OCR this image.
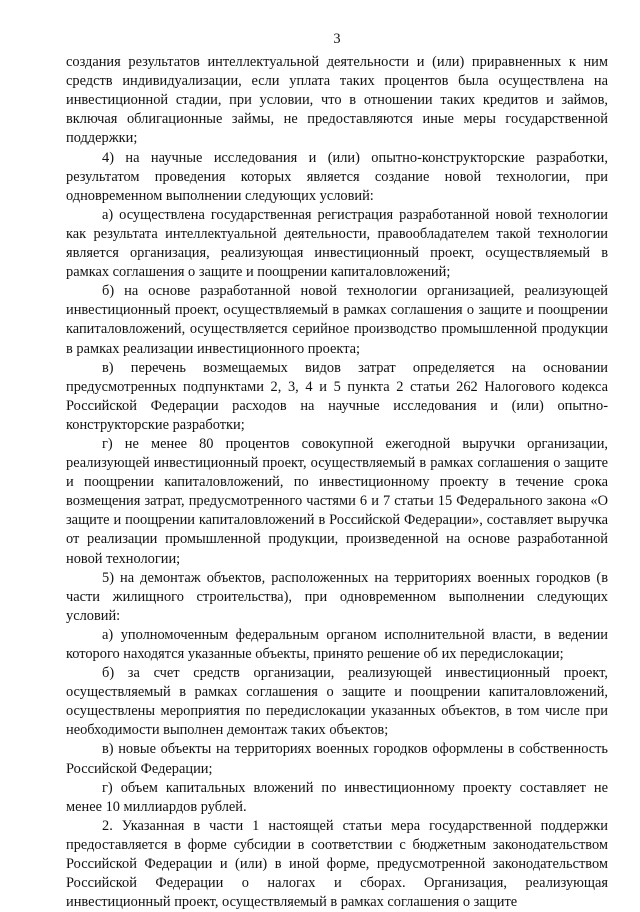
3

создания результатов интеллектуальной деятельности и (или) приравненных к ним средств индивидуализации, если уплата таких процентов была осуществлена на инвестиционной стадии, при условии, что в отношении таких кредитов и займов, включая облигационные займы, не предоставляются иные меры государственной поддержки;

4) на научные исследования и (или) опытно-конструкторские разработки, результатом проведения которых является создание новой технологии, при одновременном выполнении следующих условий:

а) осуществлена государственная регистрация разработанной новой технологии как результата интеллектуальной деятельности, правообладателем такой технологии является организация, реализующая инвестиционный проект, осуществляемый в рамках соглашения о защите и поощрении капиталовложений;

б) на основе разработанной новой технологии организацией, реализующей инвестиционный проект, осуществляемый в рамках соглашения о защите и поощрении капиталовложений, осуществляется серийное производство промышленной продукции в рамках реализации инвестиционного проекта;

в) перечень возмещаемых видов затрат определяется на основании предусмотренных подпунктами 2, 3, 4 и 5 пункта 2 статьи 262 Налогового кодекса Российской Федерации расходов на научные исследования и (или) опытно-конструкторские разработки;

г) не менее 80 процентов совокупной ежегодной выручки организации, реализующей инвестиционный проект, осуществляемый в рамках соглашения о защите и поощрении капиталовложений, по инвестиционному проекту в течение срока возмещения затрат, предусмотренного частями 6 и 7 статьи 15 Федерального закона «О защите и поощрении капиталовложений в Российской Федерации», составляет выручка от реализации промышленной продукции, произведенной на основе разработанной новой технологии;

5) на демонтаж объектов, расположенных на территориях военных городков (в части жилищного строительства), при одновременном выполнении следующих условий:

а) уполномоченным федеральным органом исполнительной власти, в ведении которого находятся указанные объекты, принято решение об их передислокации;

б) за счет средств организации, реализующей инвестиционный проект, осуществляемый в рамках соглашения о защите и поощрении капиталовложений, осуществлены мероприятия по передислокации указанных объектов, в том числе при необходимости выполнен демонтаж таких объектов;

в) новые объекты на территориях военных городков оформлены в собственность Российской Федерации;

г) объем капитальных вложений по инвестиционному проекту составляет не менее 10 миллиардов рублей.

2. Указанная в части 1 настоящей статьи мера государственной поддержки предоставляется в форме субсидии в соответствии с бюджетным законодательством Российской Федерации и (или) в иной форме, предусмотренной законодательством Российской Федерации о налогах и сборах. Организация, реализующая инвестиционный проект, осуществляемый в рамках соглашения о защите
